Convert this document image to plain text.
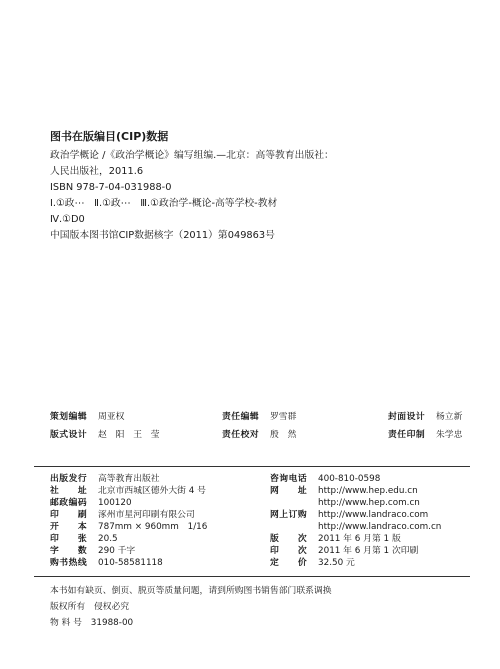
图书在版编目(CIP)数据
政治学概论 /《政治学概论》编写组编.—北京：高等教育出版社：
人民出版社，2011.6
ISBN 978-7-04-031988-0
Ⅰ.①政⋯　Ⅱ.①政⋯　Ⅲ.①政治学-概论-高等学校-教材
Ⅳ.①D0
中国版本图书馆CIP数据核字（2011）第049863号
策划编辑 周亚权
版式设计 赵　阳　王　莹
责任编辑 罗雪群
责任校对 殷　然
封面设计 杨立新
责任印制 朱学忠
出版发行 高等教育出版社
社　　址 北京市西城区德外大街 4 号
邮政编码 100120
印　　刷 涿州市星河印刷有限公司
开　　本 787mm × 960mm　1/16
印　　张 20.5
字　　数 290 千字
购书热线 010-58581118
咨询电话 400-810-0598
网　　址 http://www.hep.edu.cn
http://www.hep.com.cn
网上订购 http://www.landraco.com
http://www.landraco.com.cn
版　　次 2011 年 6 月第 1 版
印　　次 2011 年 6 月第 1 次印刷
定　　价 32.50 元
本书如有缺页、倒页、脱页等质量问题，请到所购图书销售部门联系调换
版权所有　侵权必究
物 料 号　31988-00
